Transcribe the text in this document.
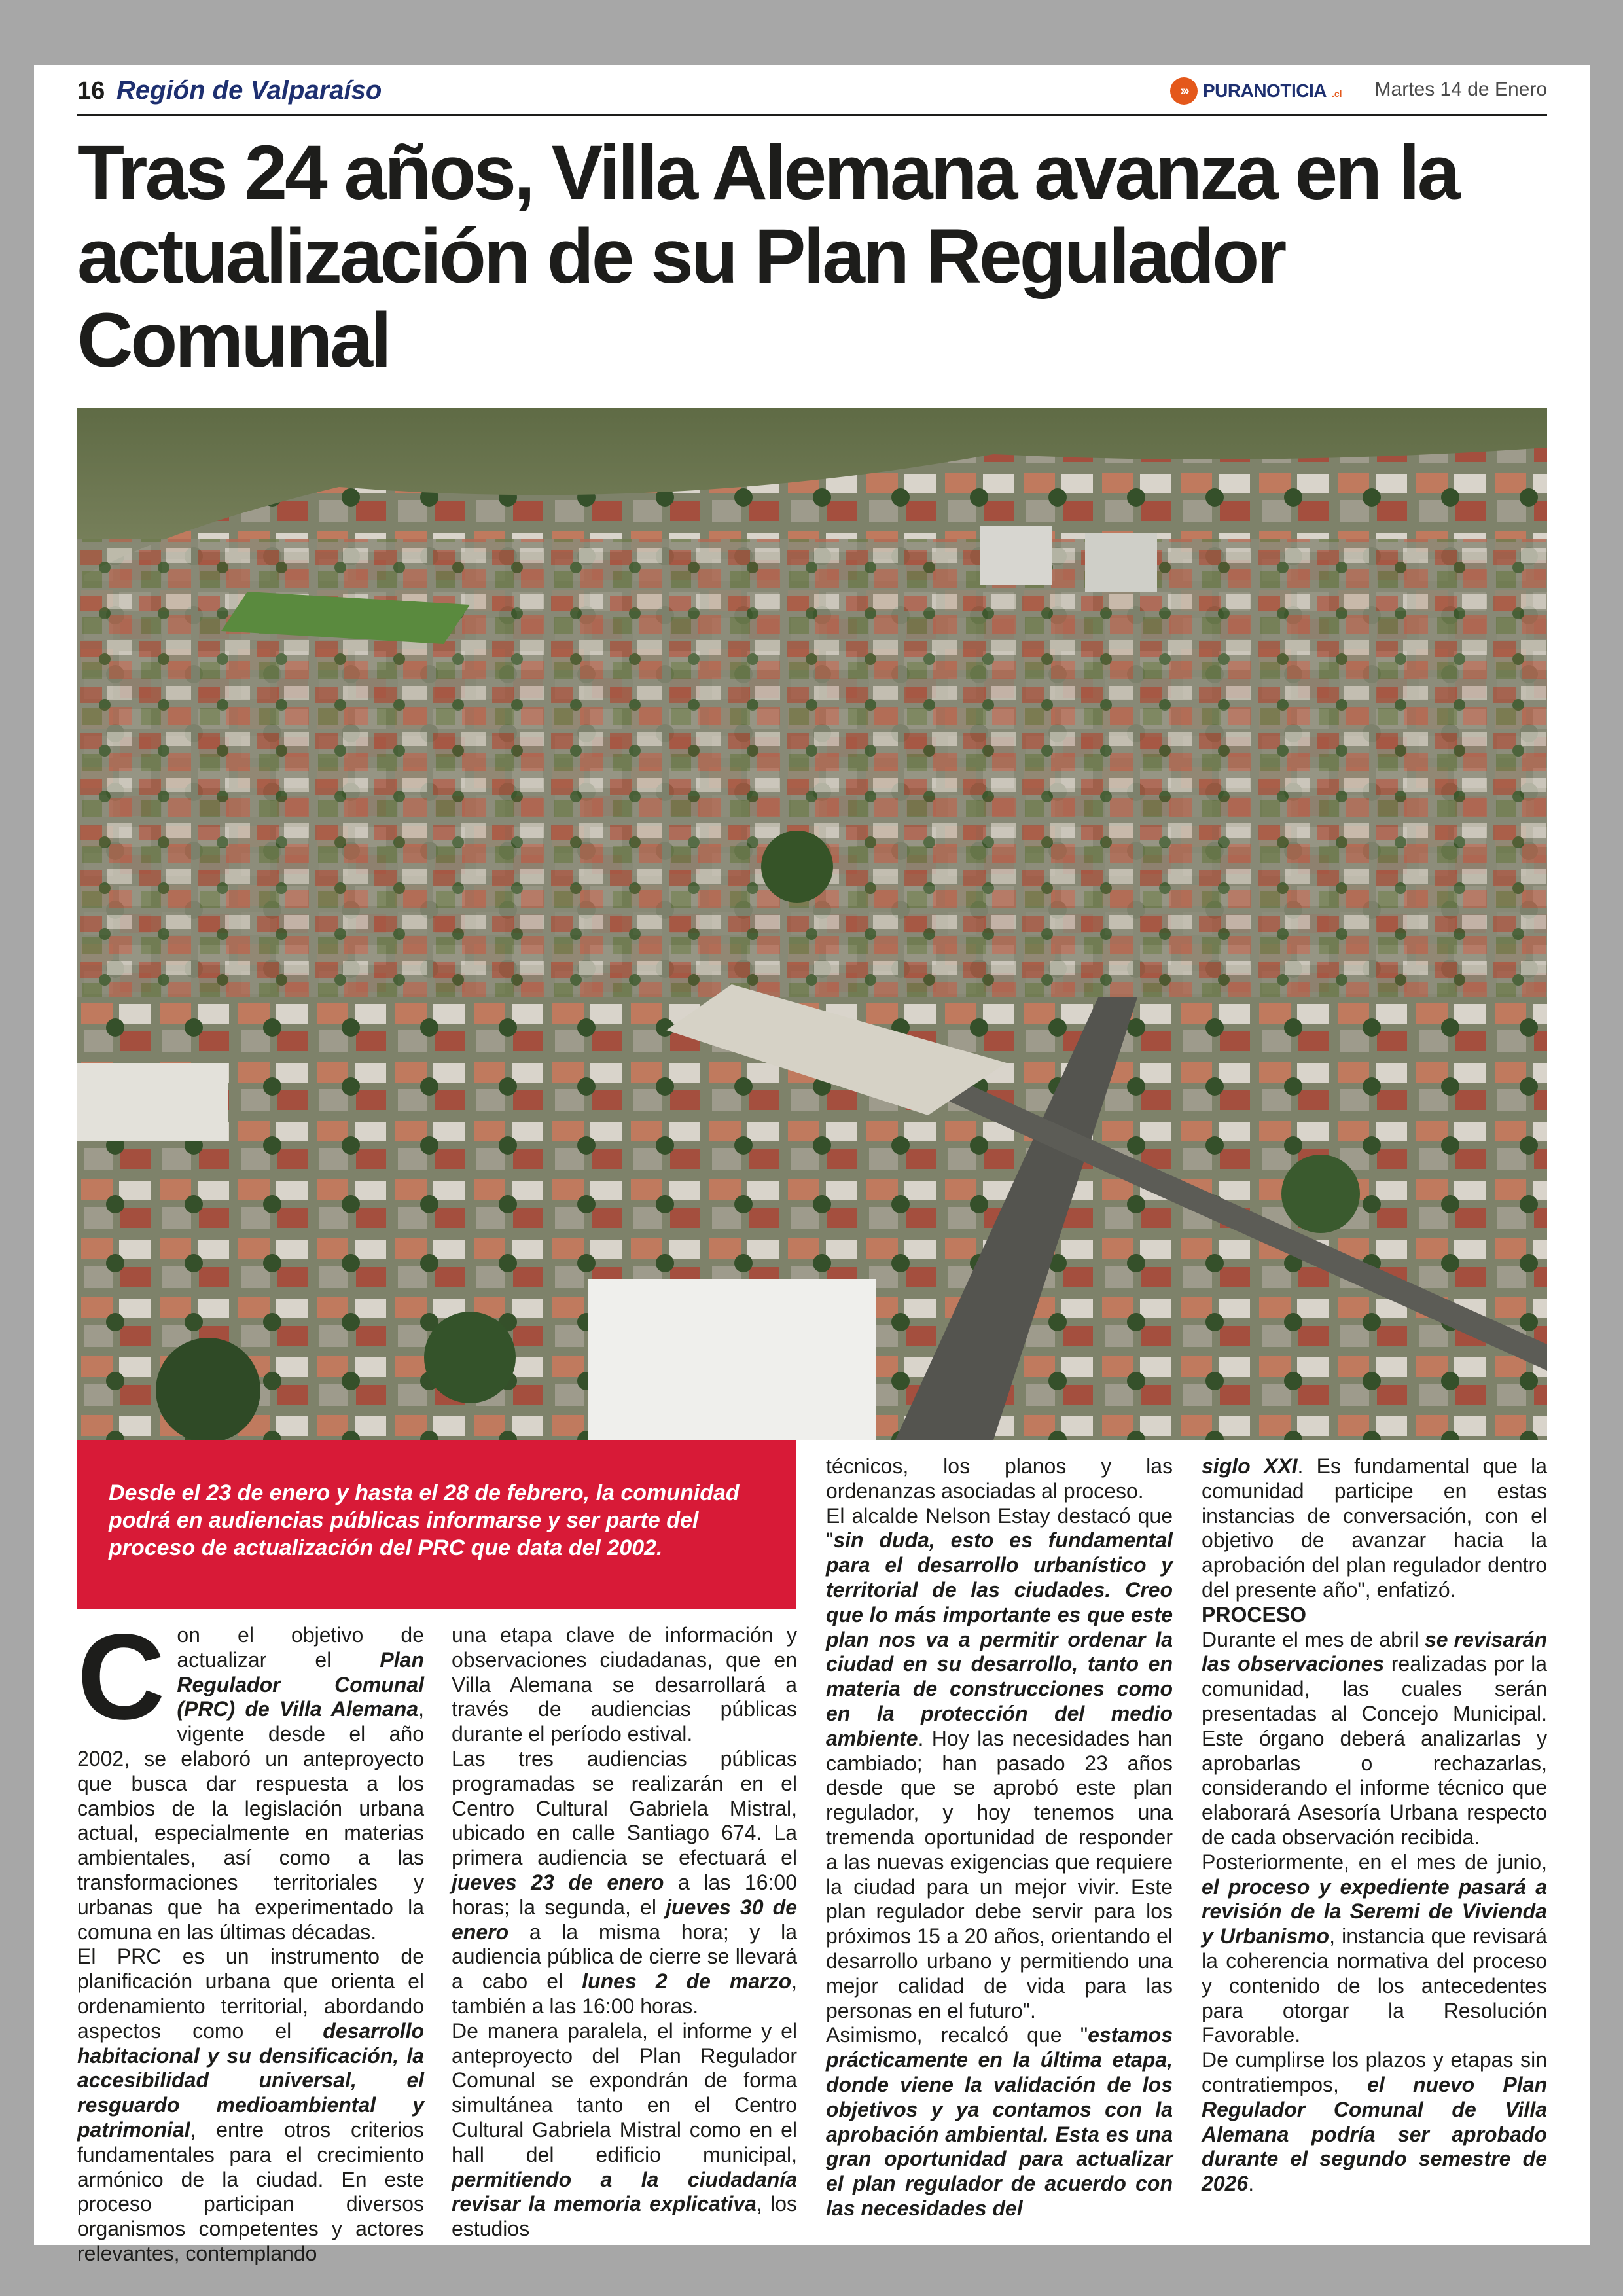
16 Región de Valparaíso	››› PURANOTICIA .cl Martes 14 de Enero
Tras 24 años, Villa Alemana avanza en la actualización de su Plan Regulador Comunal

Desde el 23 de enero y hasta el 28 de febrero, la comunidad podrá en audiencias públicas informarse y ser parte del proceso de actualización del PRC que data del 2002.

C on el objetivo de actualizar el Plan Regulador Comunal (PRC) de Villa Alemana, vigente desde el año 2002, se elaboró un anteproyecto que busca dar respuesta a los cambios de la legislación urbana actual, especialmente en materias ambientales, así como a las transformaciones territoriales y urbanas que ha experimentado la comuna en las últimas décadas.

El PRC es un instrumento de planificación urbana que orienta el ordenamiento territorial, abordando aspectos como el desarrollo habitacional y su densificación, la accesibilidad universal, el resguardo medioambiental y patrimonial, entre otros criterios fundamentales para el crecimiento armónico de la ciudad. En este proceso participan diversos organismos competentes y actores relevantes, contemplando

una etapa clave de información y observaciones ciudadanas, que en Villa Alemana se desarrollará a través de audiencias públicas durante el período estival.

Las tres audiencias públicas programadas se realizarán en el Centro Cultural Gabriela Mistral, ubicado en calle Santiago 674. La primera audiencia se efectuará el jueves 23 de enero a las 16:00 horas; la segunda, el jueves 30 de enero a la misma hora; y la audiencia pública de cierre se llevará a cabo el lunes 2 de marzo, también a las 16:00 horas.

De manera paralela, el informe y el anteproyecto del Plan Regulador Comunal se expondrán de forma simultánea tanto en el Centro Cultural Gabriela Mistral como en el hall del edificio municipal, permitiendo a la ciudadanía revisar la memoria explicativa, los estudios

técnicos, los planos y las ordenanzas asociadas al proceso.

El alcalde Nelson Estay destacó que "sin duda, esto es fundamental para el desarrollo urbanístico y territorial de las ciudades. Creo que lo más importante es que este plan nos va a permitir ordenar la ciudad en su desarrollo, tanto en materia de construcciones como en la protección del medio ambiente. Hoy las necesidades han cambiado; han pasado 23 años desde que se aprobó este plan regulador, y hoy tenemos una tremenda oportunidad de responder a las nuevas exigencias que requiere la ciudad para un mejor vivir. Este plan regulador debe servir para los próximos 15 a 20 años, orientando el desarrollo urbano y permitiendo una mejor calidad de vida para las personas en el futuro".

Asimismo, recalcó que "estamos prácticamente en la última etapa, donde viene la validación de los objetivos y ya contamos con la aprobación ambiental. Esta es una gran oportunidad para actualizar el plan regulador de acuerdo con las necesidades del

siglo XXI. Es fundamental que la comunidad participe en estas instancias de conversación, con el objetivo de avanzar hacia la aprobación del plan regulador dentro del presente año", enfatizó.

PROCESO

Durante el mes de abril se revisarán las observaciones realizadas por la comunidad, las cuales serán presentadas al Concejo Municipal. Este órgano deberá analizarlas y aprobarlas o rechazarlas, considerando el informe técnico que elaborará Asesoría Urbana respecto de cada observación recibida.

Posteriormente, en el mes de junio, el proceso y expediente pasará a revisión de la Seremi de Vivienda y Urbanismo, instancia que revisará la coherencia normativa del proceso y contenido de los antecedentes para otorgar la Resolución Favorable.

De cumplirse los plazos y etapas sin contratiempos, el nuevo Plan Regulador Comunal de Villa Alemana podría ser aprobado durante el segundo semestre de 2026.
